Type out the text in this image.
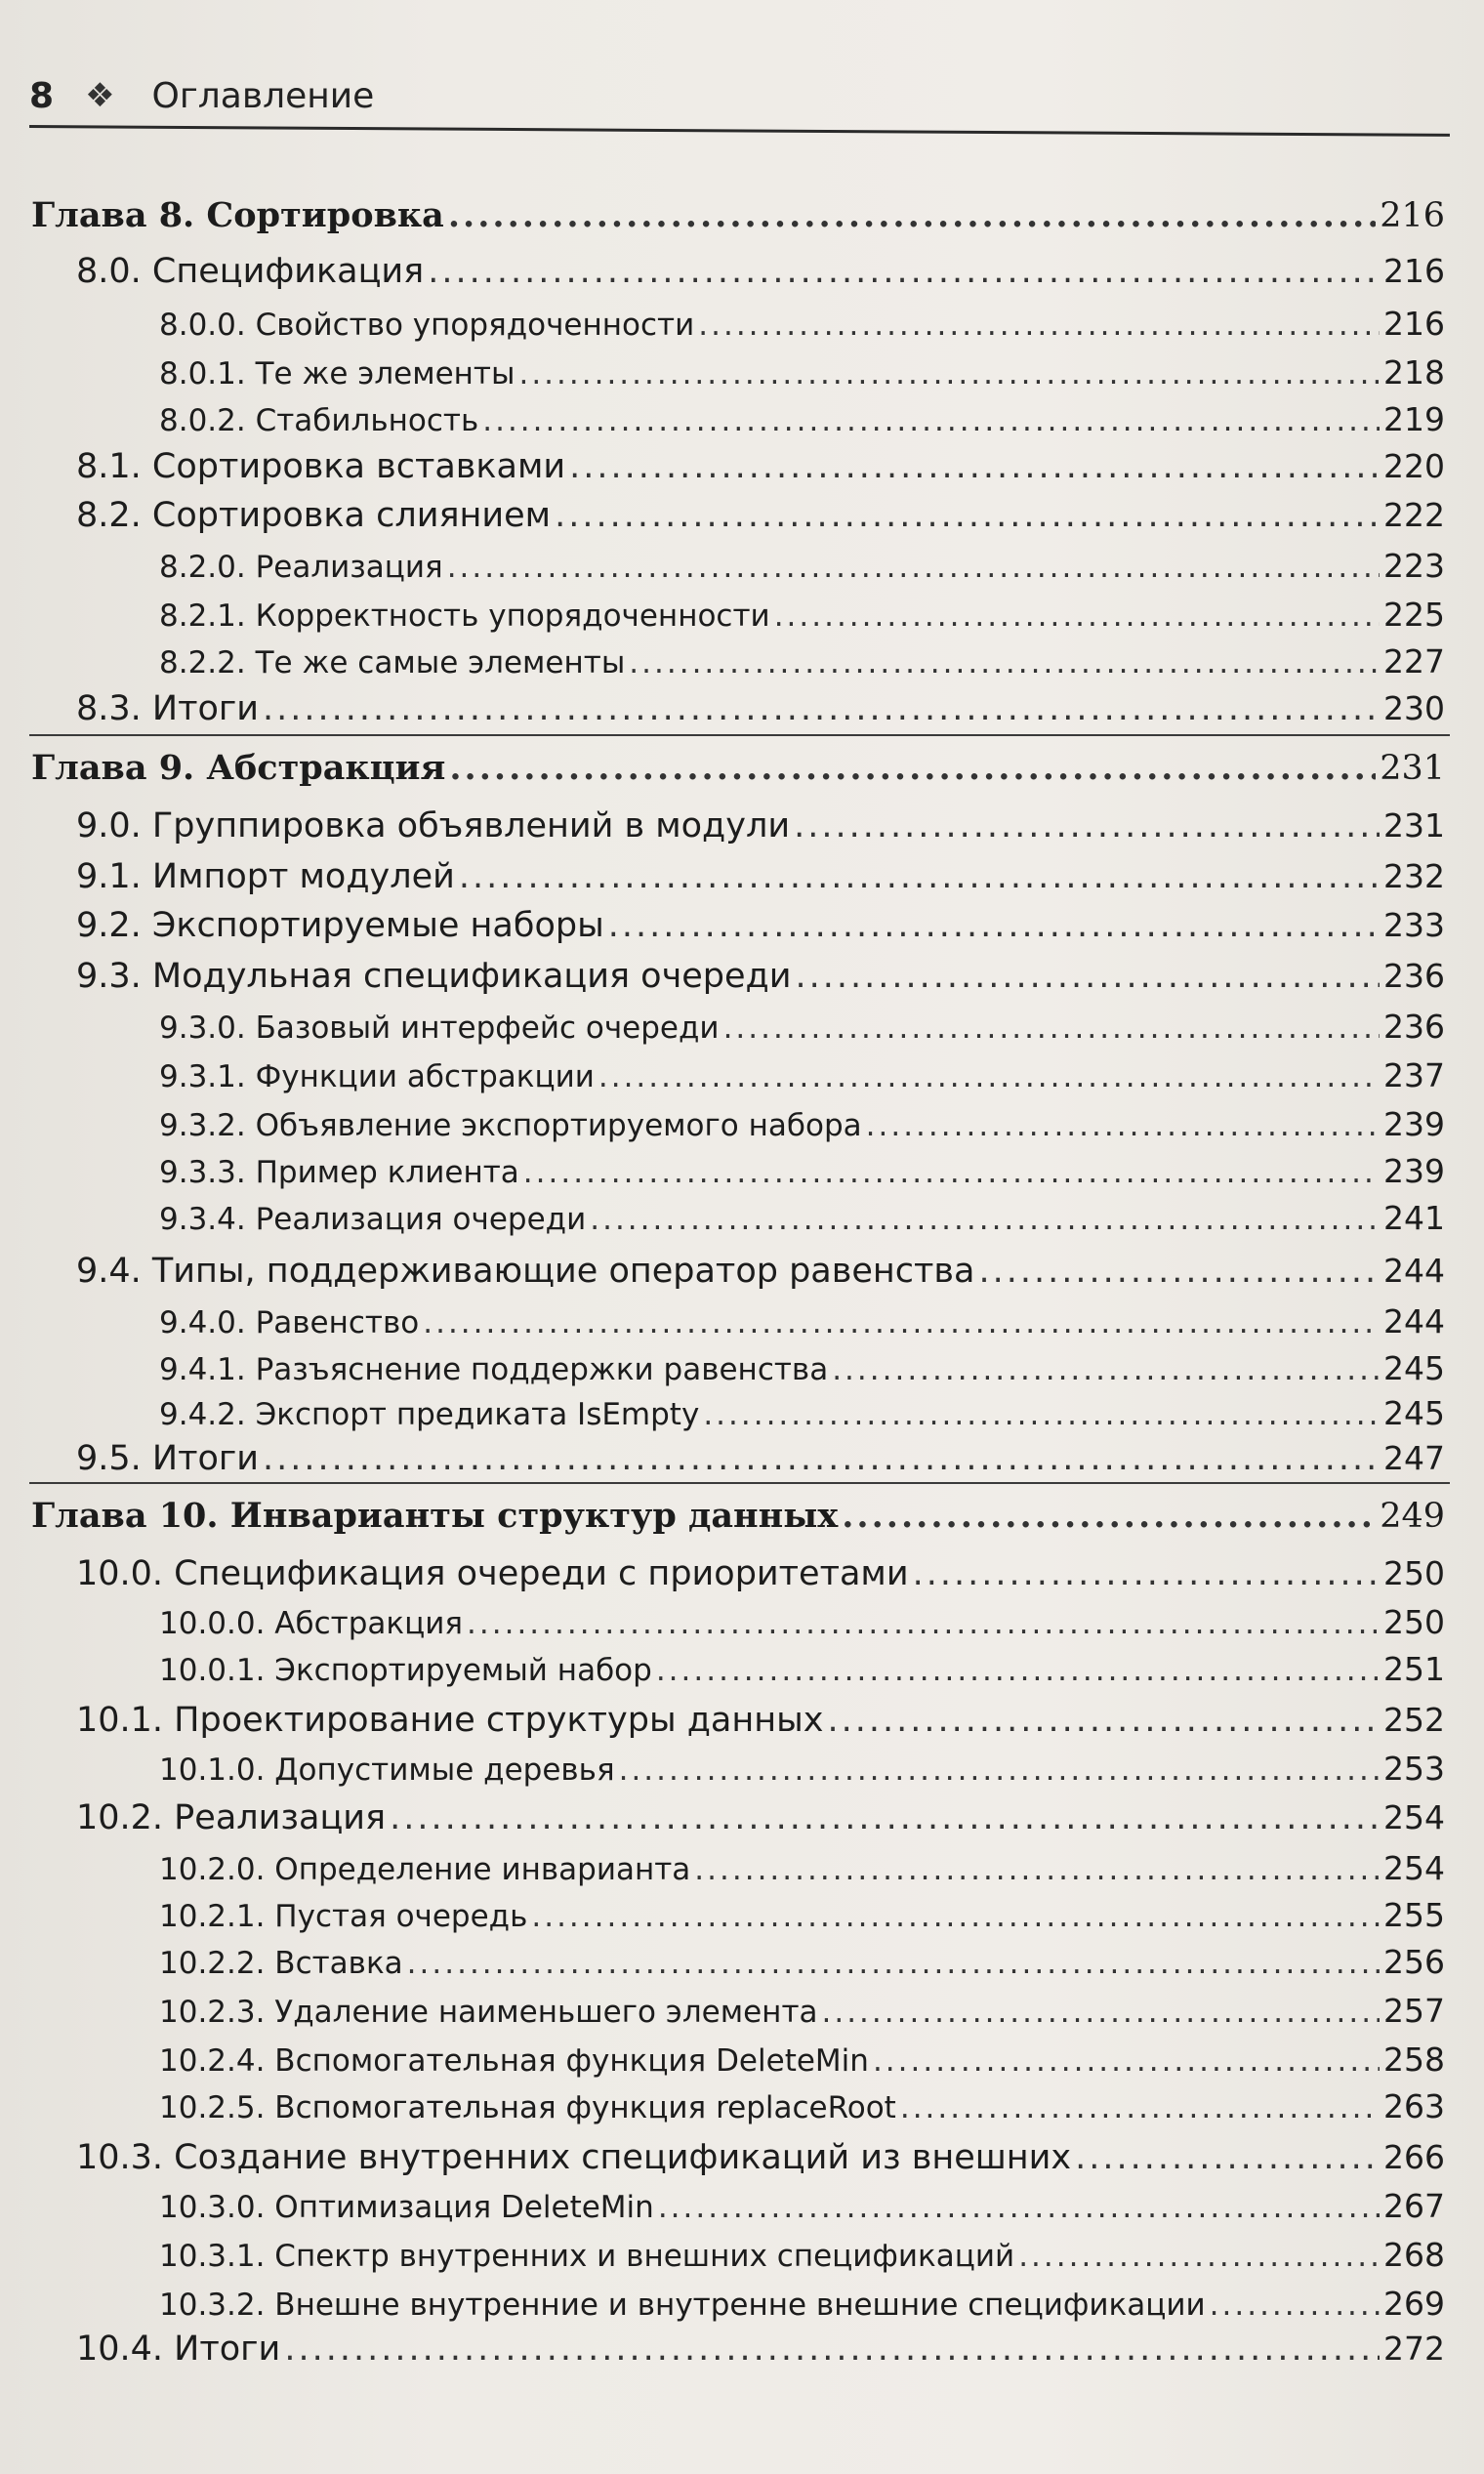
8 ❖ Оглавление
Глава 8. Сортировка .....	216
8.0. Спецификация .....	216
8.0.0. Свойство упорядоченности .....	216
8.0.1. Те же элементы .....	218
8.0.2. Стабильность .....	219
8.1. Сортировка вставками .....	220
8.2. Сортировка слиянием .....	222
8.2.0. Реализация .....	223
8.2.1. Корректность упорядоченности .....	225
8.2.2. Те же самые элементы .....	227
8.3. Итоги .....	230
Глава 9. Абстракция .....	231
9.0. Группировка объявлений в модули .....	231
9.1. Импорт модулей .....	232
9.2. Экспортируемые наборы .....	233
9.3. Модульная спецификация очереди .....	236
9.3.0. Базовый интерфейс очереди .....	236
9.3.1. Функции абстракции .....	237
9.3.2. Объявление экспортируемого набора .....	239
9.3.3. Пример клиента .....	239
9.3.4. Реализация очереди .....	241
9.4. Типы, поддерживающие оператор равенства .....	244
9.4.0. Равенство .....	244
9.4.1. Разъяснение поддержки равенства .....	245
9.4.2. Экспорт предиката IsEmpty .....	245
9.5. Итоги .....	247
Глава 10. Инварианты структур данных .....	249
10.0. Спецификация очереди с приоритетами .....	250
10.0.0. Абстракция .....	250
10.0.1. Экспортируемый набор .....	251
10.1. Проектирование структуры данных .....	252
10.1.0. Допустимые деревья .....	253
10.2. Реализация .....	254
10.2.0. Определение инварианта .....	254
10.2.1. Пустая очередь .....	255
10.2.2. Вставка .....	256
10.2.3. Удаление наименьшего элемента .....	257
10.2.4. Вспомогательная функция DeleteMin .....	258
10.2.5. Вспомогательная функция replaceRoot .....	263
10.3. Создание внутренних спецификаций из внешних .....	266
10.3.0. Оптимизация DeleteMin .....	267
10.3.1. Спектр внутренних и внешних спецификаций .....	268
10.3.2. Внешне внутренние и внутренне внешние спецификации .....	269
10.4. Итоги .....	272
